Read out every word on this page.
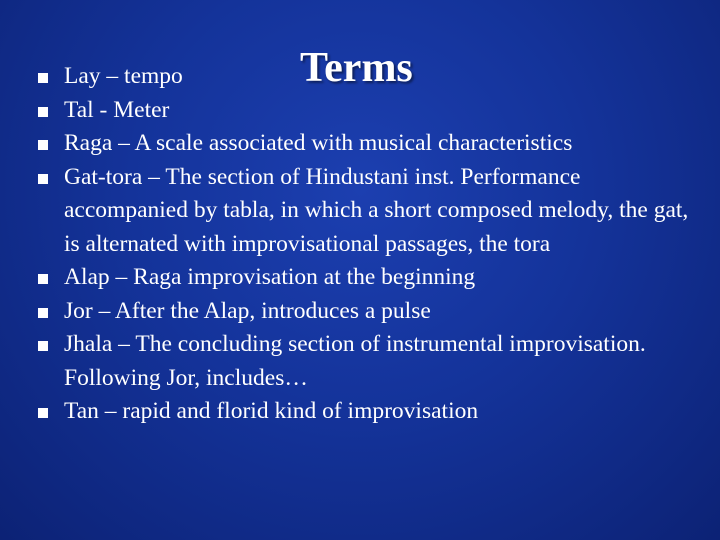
Lay – tempo
Tal - Meter
Raga – A scale associated with musical characteristics
Gat-tora – The section of Hindustani inst. Performance accompanied by tabla, in which a short composed melody, the gat, is alternated with improvisational passages, the tora
Alap – Raga improvisation at the beginning
Jor – After the Alap, introduces a pulse
Jhala – The concluding section of instrumental improvisation. Following Jor, includes…
Tan – rapid and florid kind of improvisation
Terms
